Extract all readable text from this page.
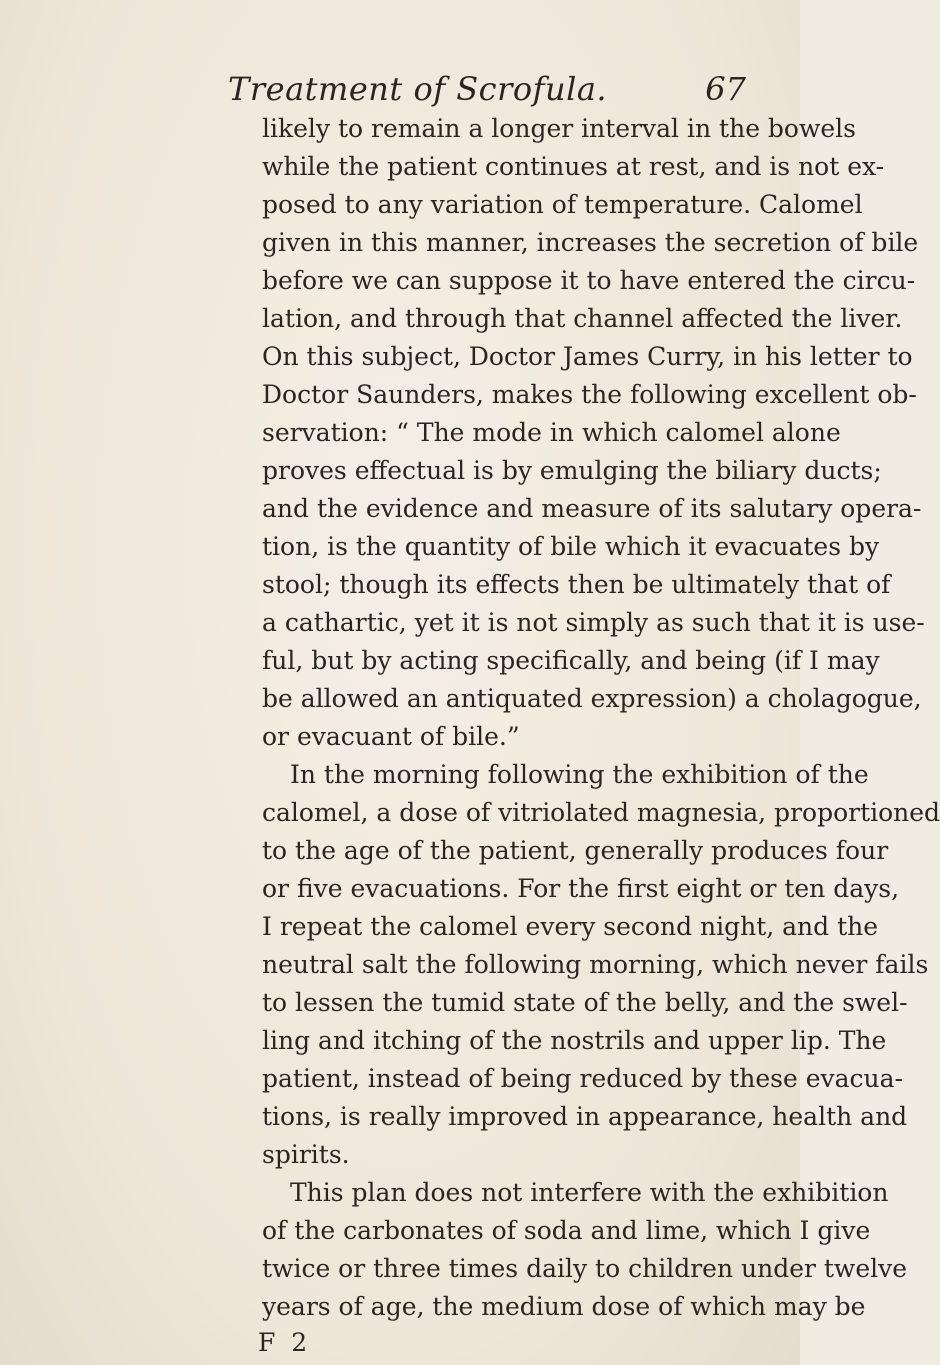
Treatment of Scrofula.	67
likely to remain a longer interval in the bowels
while the patient continues at rest, and is not ex-
posed to any variation of temperature. Calomel
given in this manner, increases the secretion of bile
before we can suppose it to have entered the circu-
lation, and through that channel affected the liver.
On this subject, Doctor James Curry, in his letter to
Doctor Saunders, makes the following excellent ob-
servation: “ The mode in which calomel alone
proves effectual is by emulging the biliary ducts;
and the evidence and measure of its salutary opera-
tion, is the quantity of bile which it evacuates by
stool; though its effects then be ultimately that of
a cathartic, yet it is not simply as such that it is use-
ful, but by acting specifically, and being (if I may
be allowed an antiquated expression) a cholagogue,
or evacuant of bile.”
In the morning following the exhibition of the
calomel, a dose of vitriolated magnesia, proportioned
to the age of the patient, generally produces four
or five evacuations. For the first eight or ten days,
I repeat the calomel every second night, and the
neutral salt the following morning, which never fails
to lessen the tumid state of the belly, and the swel-
ling and itching of the nostrils and upper lip. The
patient, instead of being reduced by these evacua-
tions, is really improved in appearance, health and
spirits.
This plan does not interfere with the exhibition
of the carbonates of soda and lime, which I give
twice or three times daily to children under twelve
years of age, the medium dose of which may be
F 2
